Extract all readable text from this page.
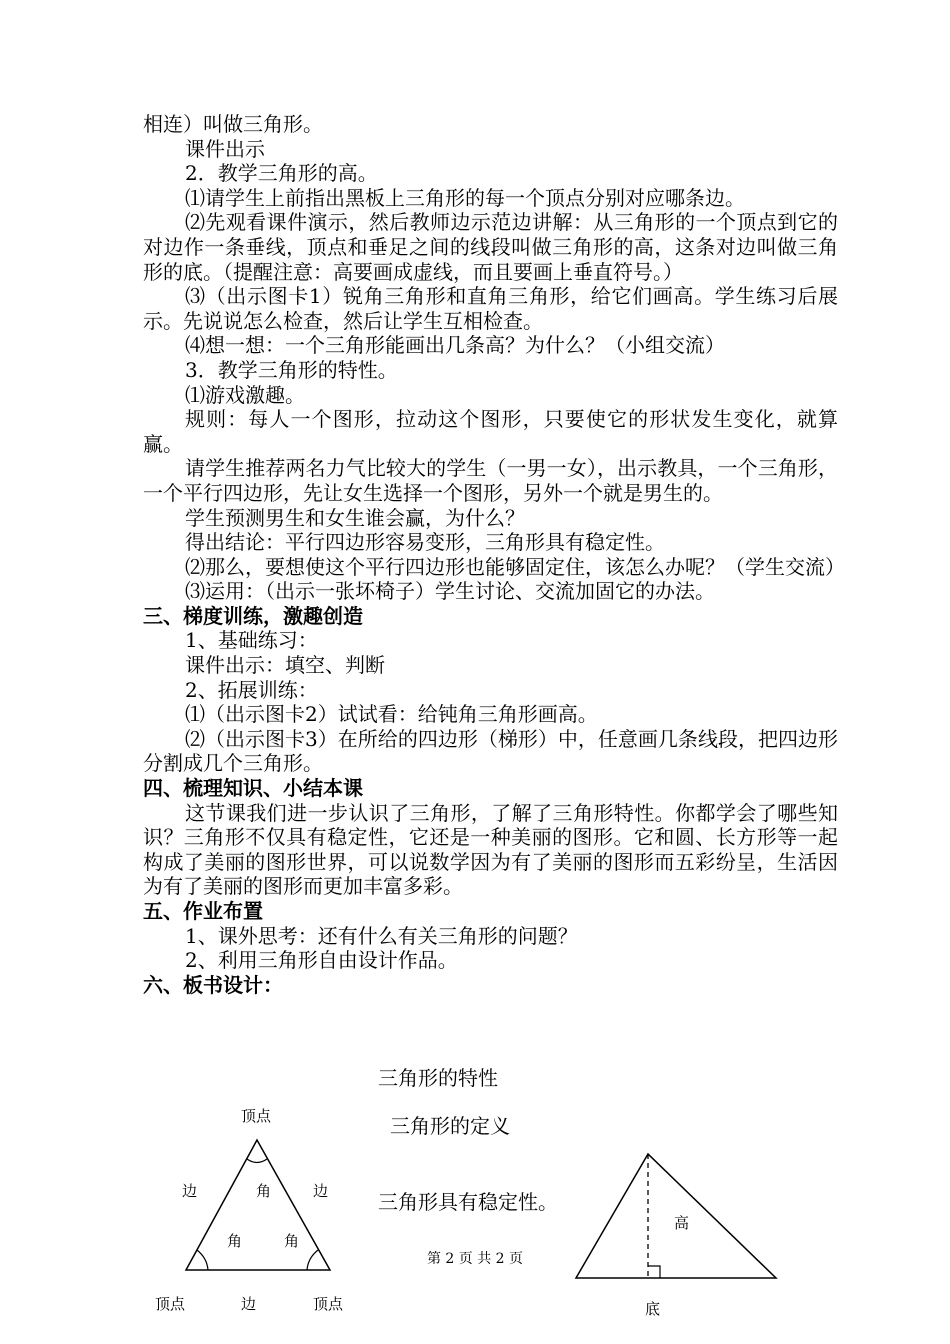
相连）叫做三角形。

课件出示

2．教学三角形的高。

⑴请学生上前指出黑板上三角形的每一个顶点分别对应哪条边。

⑵先观看课件演示，然后教师边示范边讲解：从三角形的一个顶点到它的对边作一条垂线，顶点和垂足之间的线段叫做三角形的高，这条对边叫做三角形的底。（提醒注意：高要画成虚线，而且要画上垂直符号。）

⑶（出示图卡1）锐角三角形和直角三角形，给它们画高。学生练习后展示。先说说怎么检查，然后让学生互相检查。

⑷想一想：一个三角形能画出几条高？为什么？（小组交流）

3．教学三角形的特性。

⑴游戏激趣。

规则：每人一个图形，拉动这个图形，只要使它的形状发生变化，就算赢。

请学生推荐两名力气比较大的学生（一男一女），出示教具，一个三角形，一个平行四边形，先让女生选择一个图形，另外一个就是男生的。

学生预测男生和女生谁会赢，为什么？

得出结论：平行四边形容易变形，三角形具有稳定性。

⑵那么，要想使这个平行四边形也能够固定住，该怎么办呢？（学生交流）

⑶运用：（出示一张坏椅子）学生讨论、交流加固它的办法。

三、梯度训练，激趣创造

1、基础练习：

课件出示：填空、判断

2、拓展训练：

⑴（出示图卡2）试试看：给钝角三角形画高。

⑵（出示图卡3）在所给的四边形（梯形）中，任意画几条线段，把四边形分割成几个三角形。

四、梳理知识、小结本课

这节课我们进一步认识了三角形，了解了三角形特性。你都学会了哪些知识？三角形不仅具有稳定性，它还是一种美丽的图形。它和圆、长方形等一起构成了美丽的图形世界，可以说数学因为有了美丽的图形而五彩纷呈，生活因为有了美丽的图形而更加丰富多彩。

五、作业布置

1、课外思考：还有什么有关三角形的问题？

2、利用三角形自由设计作品。

六、板书设计：

三角形的特性
三角形的定义
三角形具有稳定性。
顶点
边	边
角
角	角
顶点	边	顶点
高
底
第 2 页 共 2 页
